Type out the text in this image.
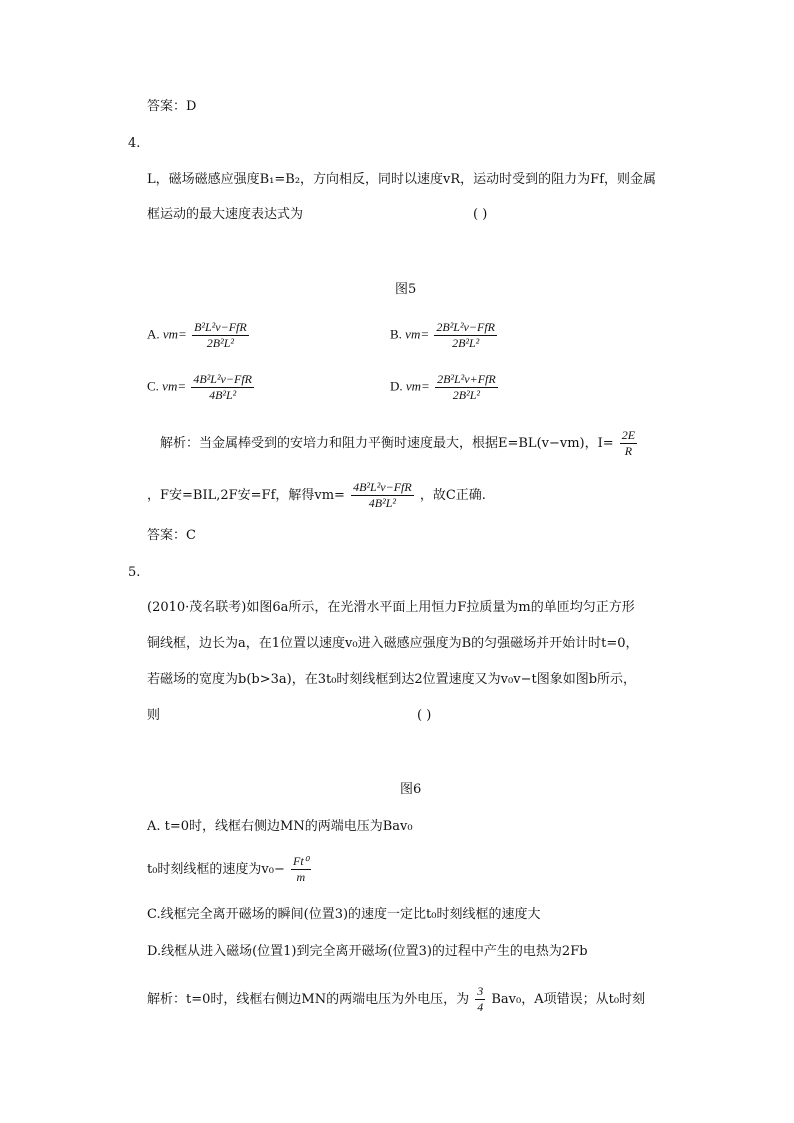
答案：D
4.
L，磁场磁感应强度B₁=B₂，方向相反，同时以速度vR，运动时受到的阻力为Ff，则金属
框运动的最大速度表达式为	( )
图5
A. $vm= \frac{\text{B²L²v−FfR}}{\text{2B²L²}}$	B. $vm= \frac{\text{2B²L²v−FfR}}{\text{2B²L²}}$
C. $vm= \frac{\text{4B²L²v−FfR}}{\text{4B²L²}}$	D. $vm= \frac{\text{2B²L²v+FfR}}{\text{2B²L²}}$
解析：当金属棒受到的安培力和阻力平衡时速度最大，根据E=BL(v−vm)，$I= \frac{2E}{R}$
，F安=BIL,2F安=Ff，解得$vm= \frac{\text{4B²L²v−FfR}}{\text{4B²L²}}$ ，故C正确.
答案：C
5.
(2010·茂名联考)如图6a所示，在光滑水平面上用恒力F拉质量为m的单匝均匀正方形
铜线框，边长为a，在1位置以速度v₀进入磁感应强度为B的匀强磁场并开始计时t=0，
若磁场的宽度为b(b>3a)，在3t₀时刻线框到达2位置速度又为v₀v−t图象如图b所示，
则	( )
图6
A. t=0时，线框右侧边MN的两端电压为Bav₀
t₀时刻线框的速度为$v_0- \frac{\text{Ft⁰}}{m}$
C.线框完全离开磁场的瞬间(位置3)的速度一定比t₀时刻线框的速度大
D.线框从进入磁场(位置1)到完全离开磁场(位置3)的过程中产生的电热为2Fb
解析：t=0时，线框右侧边MN的两端电压为外电压，为 $\frac{3}{4} Bav_0$，A项错误；从t₀时刻
